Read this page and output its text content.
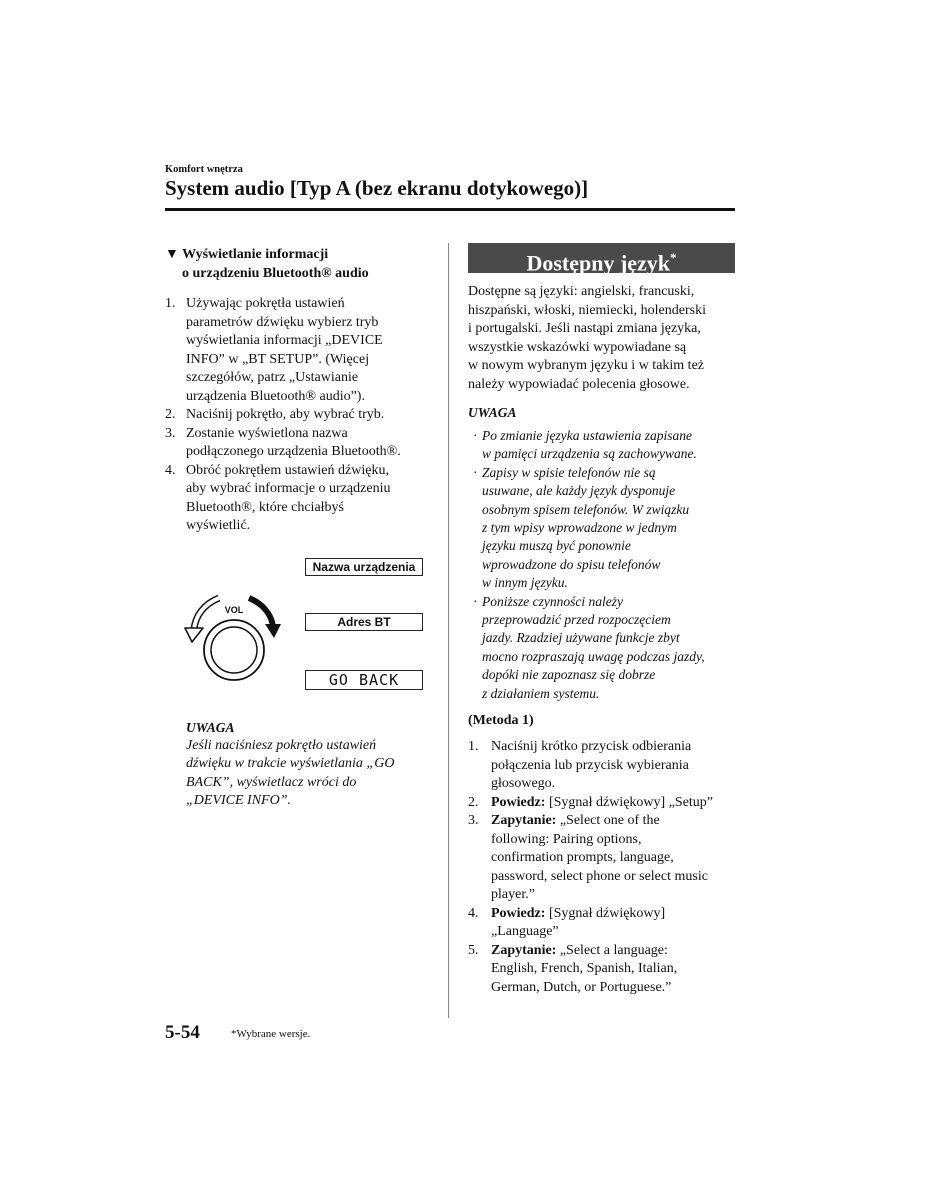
Komfort wnętrza
System audio [Typ A (bez ekranu dotykowego)]
▼ Wyświetlanie informacji
o urządzeniu Bluetooth® audio
1. Używając pokrętła ustawień
parametrów dźwięku wybierz tryb
wyświetlania informacji „DEVICE
INFO” w „BT SETUP”. (Więcej
szczegółów, patrz „Ustawianie
urządzenia Bluetooth® audio”).
2. Naciśnij pokrętło, aby wybrać tryb.
3. Zostanie wyświetlona nazwa
podłączonego urządzenia Bluetooth®.
4. Obróć pokrętłem ustawień dźwięku,
aby wybrać informacje o urządzeniu
Bluetooth®, które chciałbyś
wyświetlić.
VOL
Nazwa urządzenia
Adres BT
GO BACK
UWAGA
Jeśli naciśniesz pokrętło ustawień
dźwięku w trakcie wyświetlania „GO
BACK”, wyświetlacz wróci do
„DEVICE INFO”.
Dostępny język*
Dostępne są języki: angielski, francuski,
hiszpański, włoski, niemiecki, holenderski
i portugalski. Jeśli nastąpi zmiana języka,
wszystkie wskazówki wypowiadane są
w nowym wybranym języku i w takim też
należy wypowiadać polecenia głosowe.
UWAGA
· Po zmianie języka ustawienia zapisane
w pamięci urządzenia są zachowywane.
· Zapisy w spisie telefonów nie są
usuwane, ale każdy język dysponuje
osobnym spisem telefonów. W związku
z tym wpisy wprowadzone w jednym
języku muszą być ponownie
wprowadzone do spisu telefonów
w innym języku.
· Poniższe czynności należy
przeprowadzić przed rozpoczęciem
jazdy. Rzadziej używane funkcje zbyt
mocno rozpraszają uwagę podczas jazdy,
dopóki nie zapoznasz się dobrze
z działaniem systemu.
(Metoda 1)
1. Naciśnij krótko przycisk odbierania
połączenia lub przycisk wybierania
głosowego.
2. Powiedz: [Sygnał dźwiękowy] „Setup”
3. Zapytanie: „Select one of the
following: Pairing options,
confirmation prompts, language,
password, select phone or select music
player.”
4. Powiedz: [Sygnał dźwiękowy]
„Language”
5. Zapytanie: „Select a language:
English, French, Spanish, Italian,
German, Dutch, or Portuguese.”
5-54	*Wybrane wersje.
